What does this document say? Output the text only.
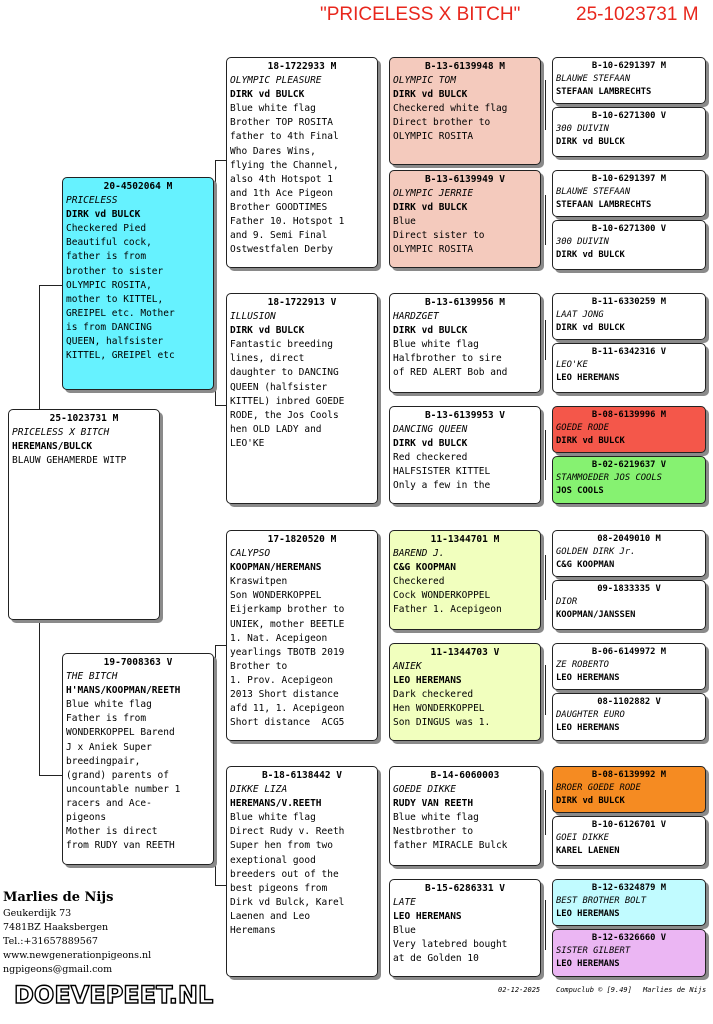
"PRICELESS X BITCH"	25-1023731 M
25-1023731 M
PRICELESS X BITCH
HEREMANS/BULCK
BLAUW GEHAMERDE WITP
20-4502064 M
PRICELESS
DIRK vd BULCK
Checkered Pied
Beautiful cock,
father is from
brother to sister
OLYMPIC ROSITA,
mother to KITTEL,
GREIPEL etc. Mother
is from DANCING
QUEEN, halfsister
KITTEL, GREIPEl etc
19-7008363 V
THE BITCH
H'MANS/KOOPMAN/REETH
Blue white flag
Father is from
WONDERKOPPEL Barend
J x Aniek Super
breedingpair,
(grand) parents of
uncountable number 1
racers and Ace-
pigeons
Mother is direct
from RUDY van REETH
18-1722933 M
OLYMPIC PLEASURE
DIRK vd BULCK
Blue white flag
Brother TOP ROSITA
father to 4th Final
Who Dares Wins,
flying the Channel,
also 4th Hotspot 1
and 1th Ace Pigeon
Brother GOODTIMES
Father 10. Hotspot 1
and 9. Semi Final
Ostwestfalen Derby
18-1722913 V
ILLUSION
DIRK vd BULCK
Fantastic breeding
lines, direct
daughter to DANCING
QUEEN (halfsister
KITTEL) inbred GOEDE
RODE, the Jos Cools
hen OLD LADY and
LEO'KE
17-1820520 M
CALYPSO
KOOPMAN/HEREMANS
Kraswitpen
Son WONDERKOPPEL
Eijerkamp brother to
UNIEK, mother BEETLE
1. Nat. Acepigeon
yearlings TBOTB 2019
Brother to
1. Prov. Acepigeon
2013 Short distance
afd 11, 1. Acepigeon
Short distance  ACG5
B-18-6138442 V
DIKKE LIZA
HEREMANS/V.REETH
Blue white flag
Direct Rudy v. Reeth
Super hen from two
exeptional good
breeders out of the
best pigeons from
Dirk vd Bulck, Karel
Laenen and Leo
Heremans
B-13-6139948 M
OLYMPIC TOM
DIRK vd BULCK
Checkered white flag
Direct brother to
OLYMPIC ROSITA
B-13-6139949 V
OLYMPIC JERRIE
DIRK vd BULCK
Blue
Direct sister to
OLYMPIC ROSITA
B-13-6139956 M
HARDZGET
DIRK vd BULCK
Blue white flag
Halfbrother to sire
of RED ALERT Bob and
B-13-6139953 V
DANCING QUEEN
DIRK vd BULCK
Red checkered
HALFSISTER KITTEL
Only a few in the
11-1344701 M
BAREND J.
C&G KOOPMAN
Checkered
Cock WONDERKOPPEL
Father 1. Acepigeon
11-1344703 V
ANIEK
LEO HEREMANS
Dark checkered
Hen WONDERKOPPEL
Son DINGUS was 1.
B-14-6060003
GOEDE DIKKE
RUDY VAN REETH
Blue white flag
Nestbrother to
father MIRACLE Bulck
B-15-6286331 V
LATE
LEO HEREMANS
Blue
Very latebred bought
at de Golden 10
B-10-6291397 M
BLAUWE STEFAAN
STEFAAN LAMBRECHTS
B-10-6271300 V
300 DUIVIN
DIRK vd BULCK
B-10-6291397 M
BLAUWE STEFAAN
STEFAAN LAMBRECHTS
B-10-6271300 V
300 DUIVIN
DIRK vd BULCK
B-11-6330259 M
LAAT JONG
DIRK vd BULCK
B-11-6342316 V
LEO'KE
LEO HEREMANS
B-08-6139996 M
GOEDE RODE
DIRK vd BULCK
B-02-6219637 V
STAMMOEDER JOS COOLS
JOS COOLS
08-2049010 M
GOLDEN DIRK Jr.
C&G KOOPMAN
09-1833335 V
DIOR
KOOPMAN/JANSSEN
B-06-6149972 M
ZE ROBERTO
LEO HEREMANS
08-1102882 V
DAUGHTER EURO
LEO HEREMANS
B-08-6139992 M
BROER GOEDE RODE
DIRK vd BULCK
B-10-6126701 V
GOEI DIKKE
KAREL LAENEN
B-12-6324879 M
BEST BROTHER BOLT
LEO HEREMANS
B-12-6326660 V
SISTER GILBERT
LEO HEREMANS
Marlies de Nijs
Geukerdijk 73
7481BZ Haaksbergen
Tel.:+31657889567
www.newgenerationpigeons.nl
ngpigeons@gmail.com
DOEVEPEET.NL	02-12-2025 Compuclub © [9.49] Marlies de Nijs
